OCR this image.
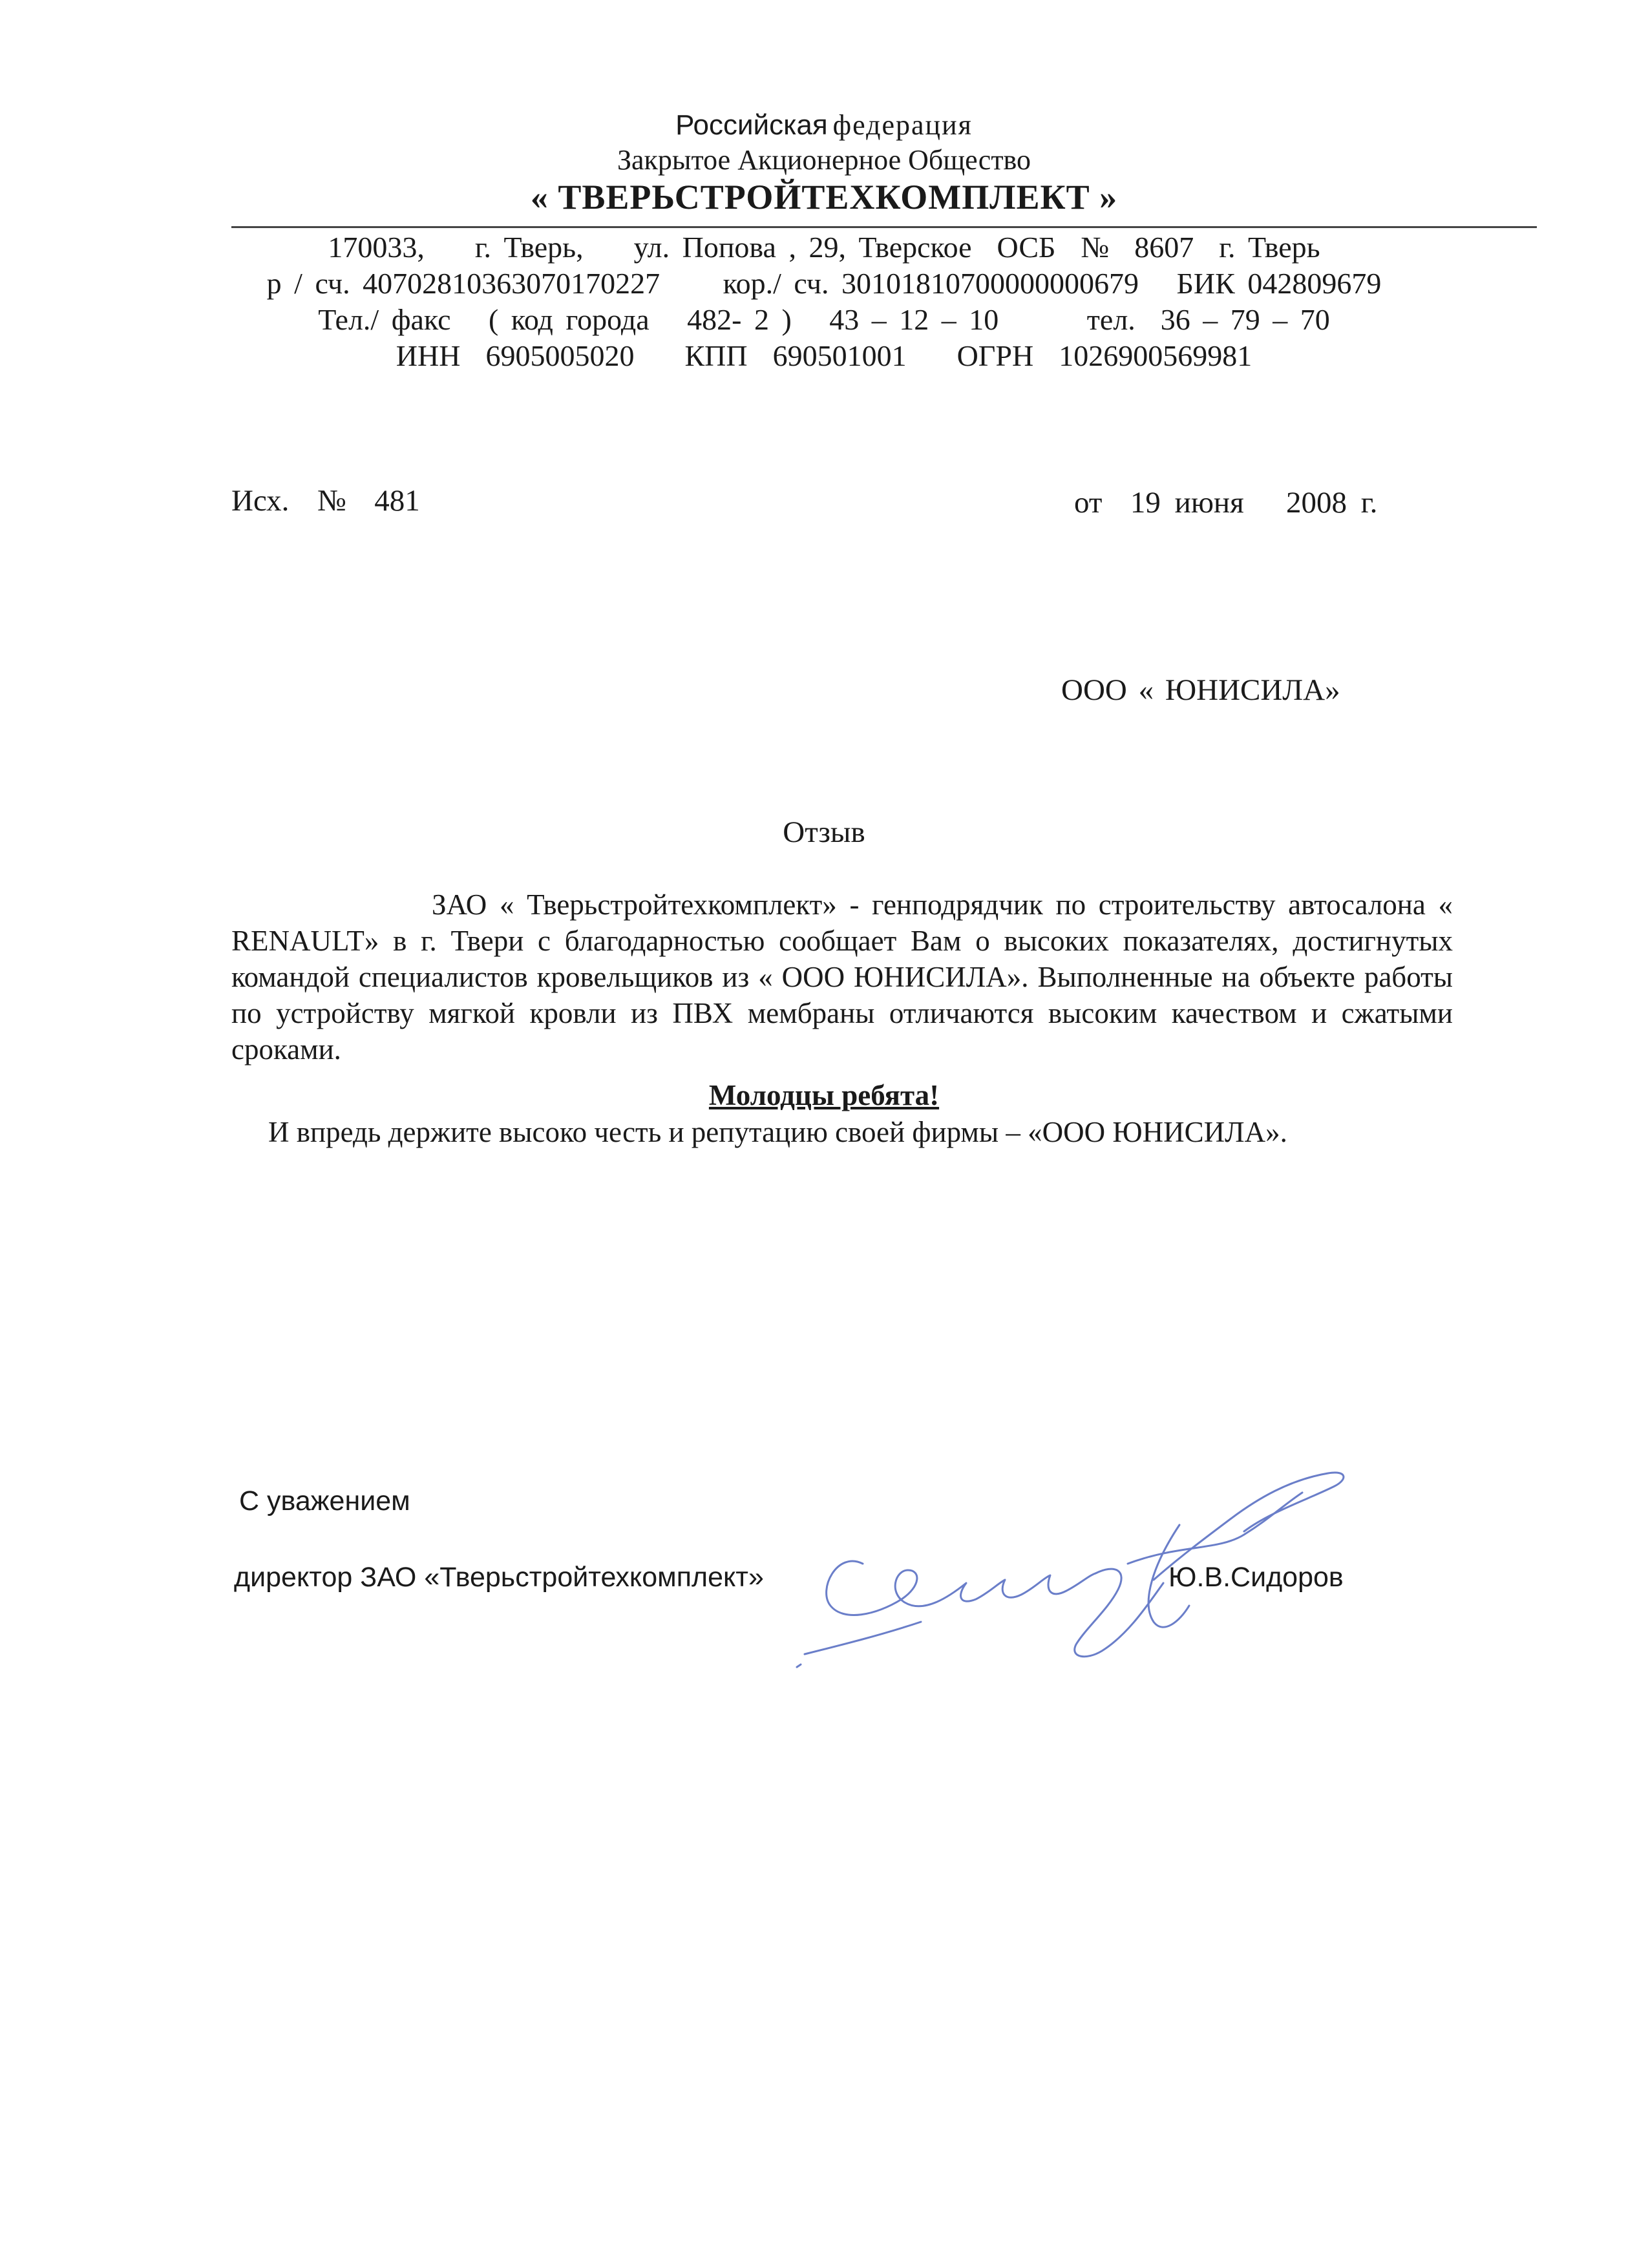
Российская федерация
Закрытое Акционерное Общество
« ТВЕРЬСТРОЙТЕХКОМПЛЕКТ »
170033,    г. Тверь,    ул. Попова , 29, Тверское  ОСБ  №  8607  г. Тверь
р / сч. 40702810363070170227     кор./ сч. 30101810700000000679   БИК 042809679
Тел./ факс   ( код города   482- 2 )   43 – 12 – 10       тел.  36 – 79 – 70
ИНН  6905005020    КПП  690501001    ОГРН  1026900569981
Исх.  №  481	от  19 июня   2008 г.
ООО « ЮНИСИЛА»
Отзыв
ЗАО « Тверьстройтехкомплект» - генподрядчик по строительству автосалона « RENAULT» в г. Твери с благодарностью сообщает Вам о высоких показателях, достигнутых командой специалистов кровельщиков из « ООО ЮНИСИЛА». Выполненные на объекте работы по устройству мягкой кровли из ПВХ мембраны отличаются высоким качеством и сжатыми сроками.
Молодцы ребята!
И впредь держите высоко честь и репутацию своей фирмы – «ООО ЮНИСИЛА».
С уважением
директор ЗАО «Тверьстройтехкомплект»	Ю.В.Сидоров
